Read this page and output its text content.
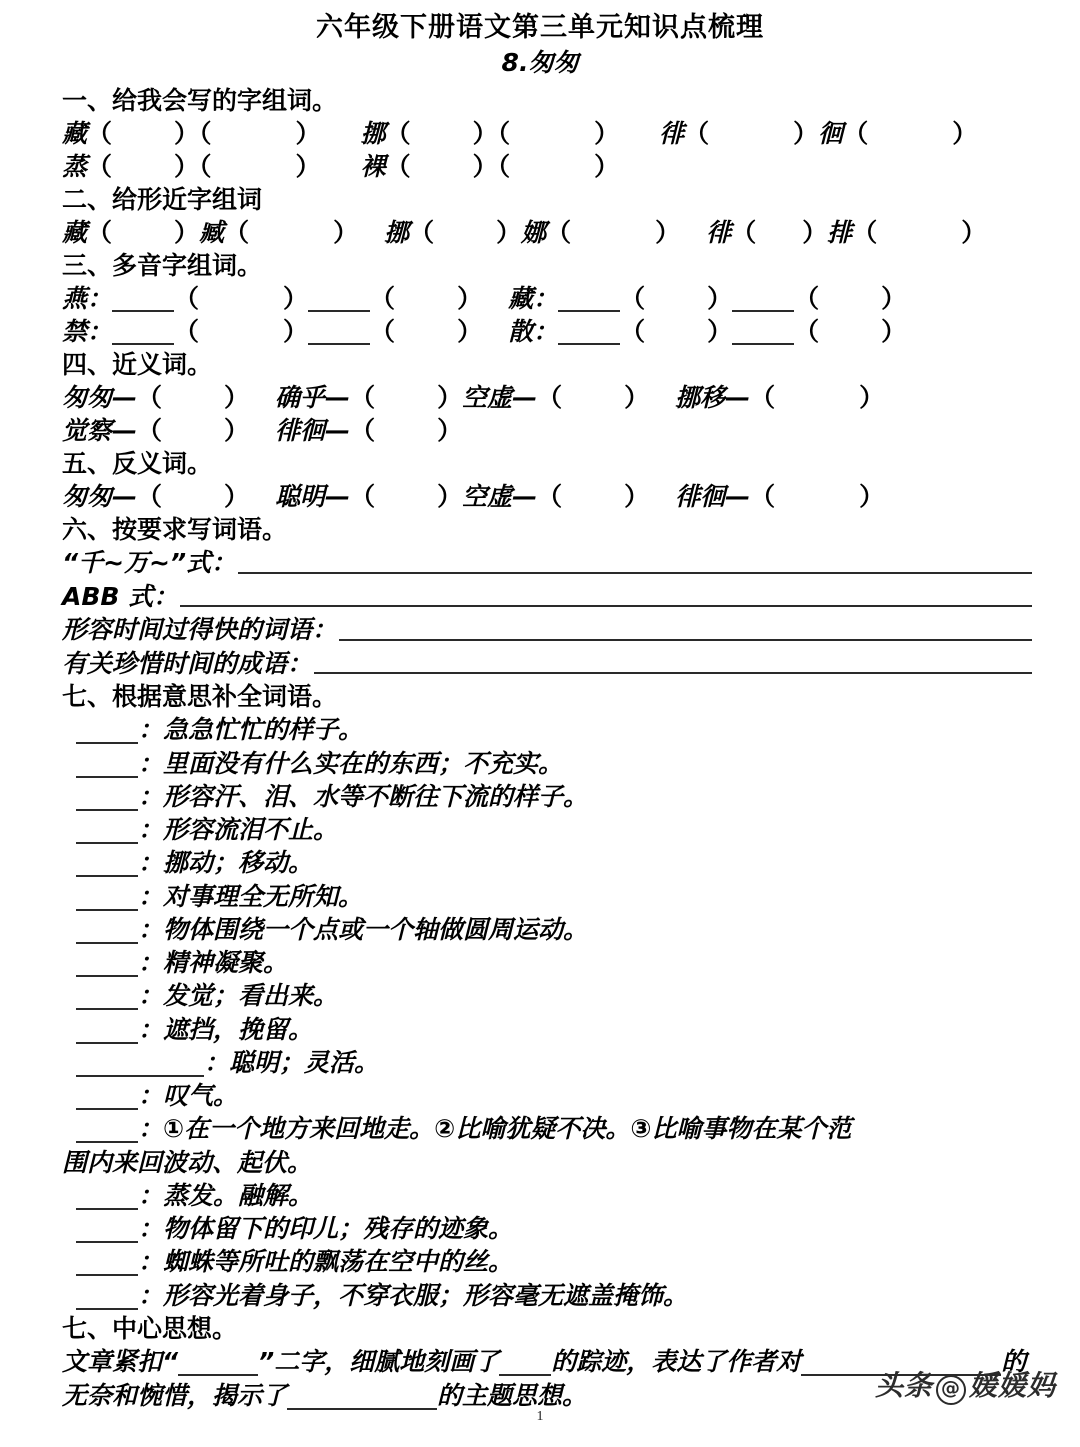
六年级下册语文第三单元知识点梳理
8.匆匆
一、给我会写的字组词。
藏（ ）（	） 挪（ ）（	） 徘（	）徊（	）
蒸（ ）（	） 裸（ ）（	）
二、给形近字组词
藏（ ）臧（	） 挪（ ）娜（	） 徘（ ）排（	）
三、多音字组词。
燕： （	） （ ） 藏： （ ） （ ）
禁： （	） （ ） 散： （ ） （ ）
四、近义词。
匆匆—（ ） 确乎—（ ）空虚—（ ） 挪移—（	）
觉察—（ ） 徘徊—（ ）
五、反义词。
匆匆—（ ） 聪明—（ ）空虚—（ ） 徘徊—（	）
六、按要求写词语。
“千~万~”式：
ABB 式：
形容时间过得快的词语：
有关珍惜时间的成语：
七、根据意思补全词语。
：急急忙忙的样子。
：里面没有什么实在的东西；不充实。
：形容汗、泪、水等不断往下流的样子。
：形容流泪不止。
：挪动；移动。
：对事理全无所知。
：物体围绕一个点或一个轴做圆周运动。
：精神凝聚。
：发觉；看出来。
：遮挡，挽留。
：聪明；灵活。
：叹气。
：①在一个地方来回地走。②比喻犹疑不决。③比喻事物在某个范
围内来回波动、起伏。
：蒸发。融解。
：物体留下的印儿；残存的迹象。
：蜘蛛等所吐的飘荡在空中的丝。
：形容光着身子，不穿衣服；形容毫无遮盖掩饰。
七、中心思想。
文章紧扣“	”二字，细腻地刻画了 的踪迹，表达了作者对	的无奈和惋惜，揭示了	的主题思想。
1
头条 @ 媛媛妈
